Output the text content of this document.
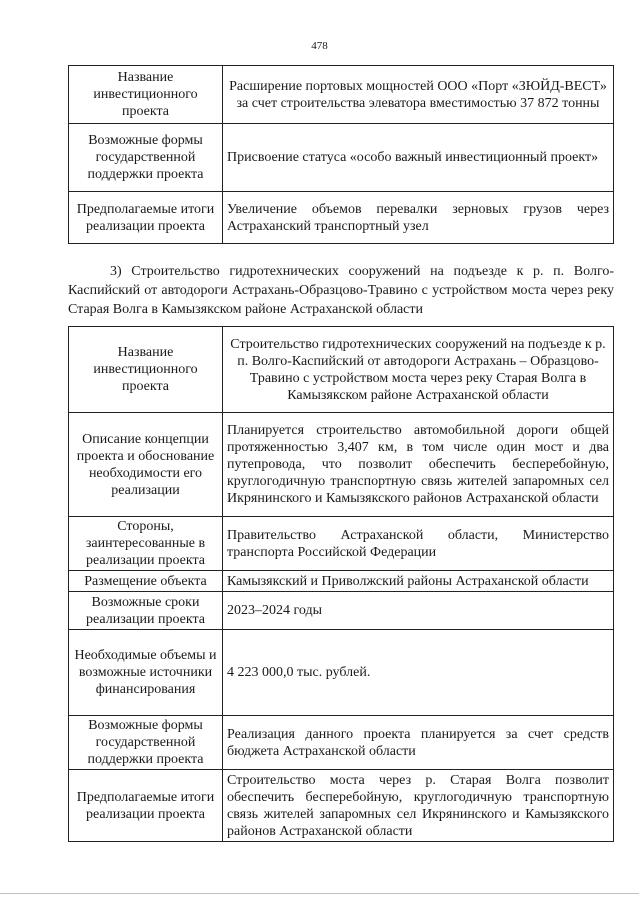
478
Название инвестиционного проекта	Расширение портовых мощностей ООО «Порт «ЗЮЙД-ВЕСТ» за счет строительства элеватора вместимостью 37 872 тонны
Возможные формы государственной поддержки проекта	Присвоение статуса «особо важный инвестиционный проект»
Предполагаемые итоги реализации проекта	Увеличение объемов перевалки зерновых грузов через Астраханский транспортный узел
3) Строительство гидротехнических сооружений на подъезде к р. п. Волго-Каспийский от автодороги Астрахань-Образцово-Травино с устройством моста через реку Старая Волга в Камызякском районе Астраханской области
Название инвестиционного проекта	Строительство гидротехнических сооружений на подъезде к р. п. Волго-Каспийский от автодороги Астрахань – Образцово-Травино с устройством моста через реку Старая Волга в Камызякском районе Астраханской области
Описание концепции проекта и обоснование необходимости его реализации	Планируется строительство автомобильной дороги общей протяженностью 3,407 км, в том числе один мост и два путепровода, что позволит обеспечить бесперебойную, круглогодичную транспортную связь жителей запаромных сел Икрянинского и Камызякского районов Астраханской области
Стороны, заинтересованные в реализации проекта	Правительство Астраханской области, Министерство транспорта Российской Федерации
Размещение объекта	Камызякский и Приволжский районы Астраханской области
Возможные сроки реализации проекта	2023–2024 годы
Необходимые объемы и возможные источники финансирования	4 223 000,0 тыс. рублей.
Возможные формы государственной поддержки проекта	Реализация данного проекта планируется за счет средств бюджета Астраханской области
Предполагаемые итоги реализации проекта	Строительство моста через р. Старая Волга позволит обеспечить бесперебойную, круглогодичную транспортную связь жителей запаромных сел Икрянинского и Камызякского районов Астраханской области
